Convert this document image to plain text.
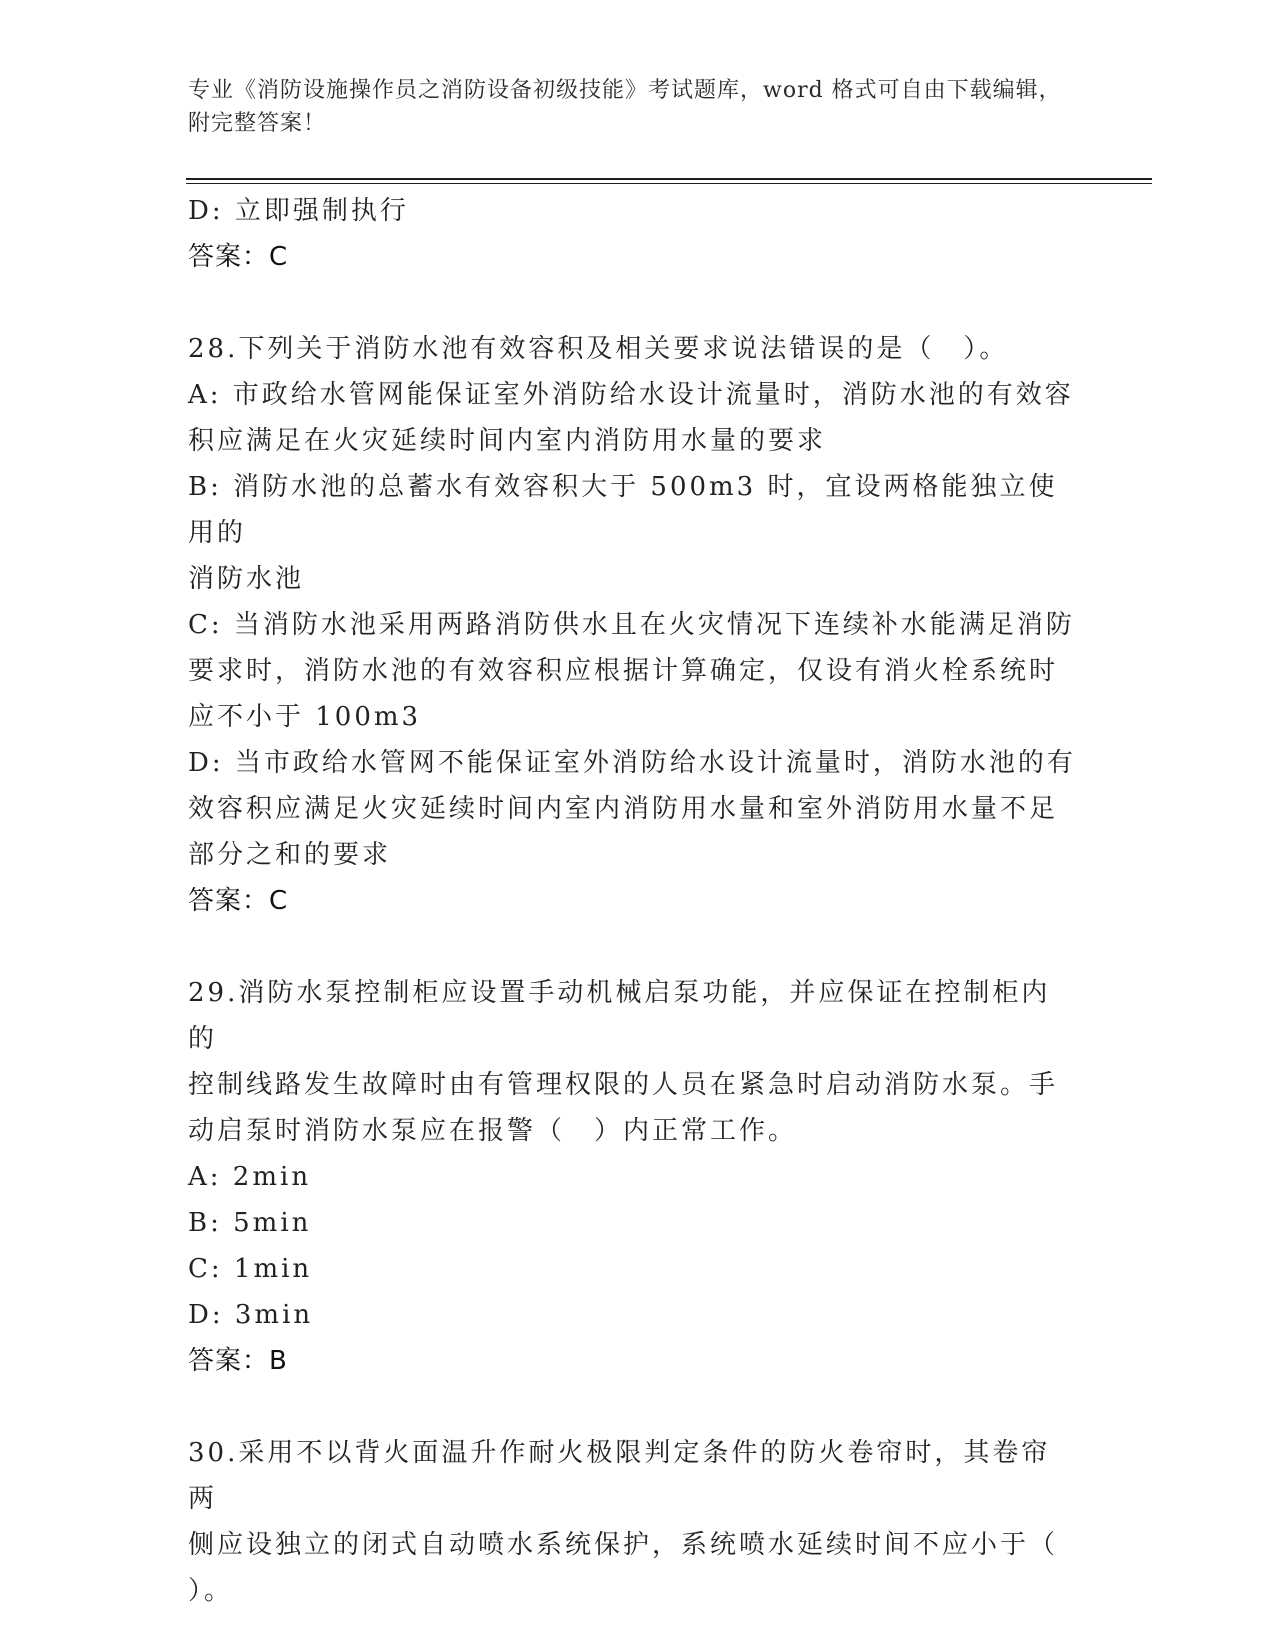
专业《消防设施操作员之消防设备初级技能》考试题库，word 格式可自由下载编辑，附完整答案！

D: 立即强制执行

答案：C

28.下列关于消防水池有效容积及相关要求说法错误的是（　）。

A: 市政给水管网能保证室外消防给水设计流量时，消防水池的有效容

积应满足在火灾延续时间内室内消防用水量的要求

B: 消防水池的总蓄水有效容积大于 500m3 时，宜设两格能独立使用的

消防水池

C: 当消防水池采用两路消防供水且在火灾情况下连续补水能满足消防

要求时，消防水池的有效容积应根据计算确定，仅设有消火栓系统时

应不小于 100m3

D: 当市政给水管网不能保证室外消防给水设计流量时，消防水池的有

效容积应满足火灾延续时间内室内消防用水量和室外消防用水量不足

部分之和的要求

答案：C

29.消防水泵控制柜应设置手动机械启泵功能，并应保证在控制柜内的

控制线路发生故障时由有管理权限的人员在紧急时启动消防水泵。手

动启泵时消防水泵应在报警（　）内正常工作。

A: 2min

B: 5min

C: 1min

D: 3min

答案：B

30.采用不以背火面温升作耐火极限判定条件的防火卷帘时，其卷帘两

侧应设独立的闭式自动喷水系统保护，系统喷水延续时间不应小于（

）。
